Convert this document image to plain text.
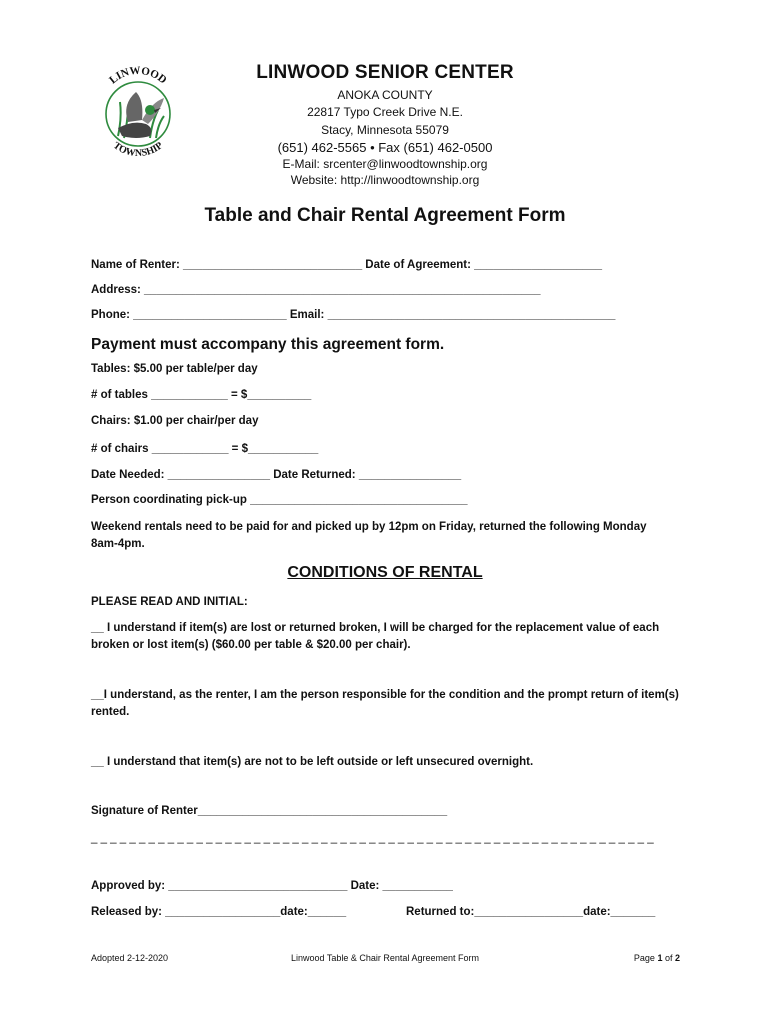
LINWOOD
TOWNSHIP
LINWOOD SENIOR CENTER
ANOKA COUNTY
22817 Typo Creek Drive N.E.
Stacy, Minnesota 55079
(651) 462-5565 • Fax (651) 462-0500
E-Mail: srcenter@linwoodtownship.org
Website: http://linwoodtownship.org
Table and Chair Rental Agreement Form
Name of Renter: ____________________________ Date of Agreement: ____________________
Address: ______________________________________________________________
Phone: ________________________ Email: _____________________________________________
Payment must accompany this agreement form.
Tables: $5.00 per table/per day
# of tables ____________ = $__________
Chairs: $1.00 per chair/per day
# of chairs ____________ = $___________
Date Needed: ________________ Date Returned: ________________
Person coordinating pick-up __________________________________
Weekend rentals need to be paid for and picked up by 12pm on Friday, returned the following Monday 8am-4pm.
CONDITIONS OF RENTAL
PLEASE READ AND INITIAL:
__ I understand if item(s) are lost or returned broken, I will be charged for the replacement value of each broken or lost item(s) ($60.00 per table & $20.00 per chair).
__I understand, as the renter, I am the person responsible for the condition and the prompt return of item(s) rented.
__ I understand that item(s) are not to be left outside or left unsecured overnight.
Signature of Renter_______________________________________
_ _ _ _ _ _ _ _ _ _ _ _ _ _ _ _ _ _ _ _ _ _ _ _ _ _ _ _ _ _ _ _ _ _ _ _ _ _ _ _ _ _ _ _ _ _ _ _ _ _ _ _ _ _ _ _ _ _ _
Approved by: ____________________________ Date: ___________
Released by: __________________date:______	Returned to:_________________date:_______
Adopted 2-12-2020	Linwood Table & Chair Rental Agreement Form	Page 1 of 2
